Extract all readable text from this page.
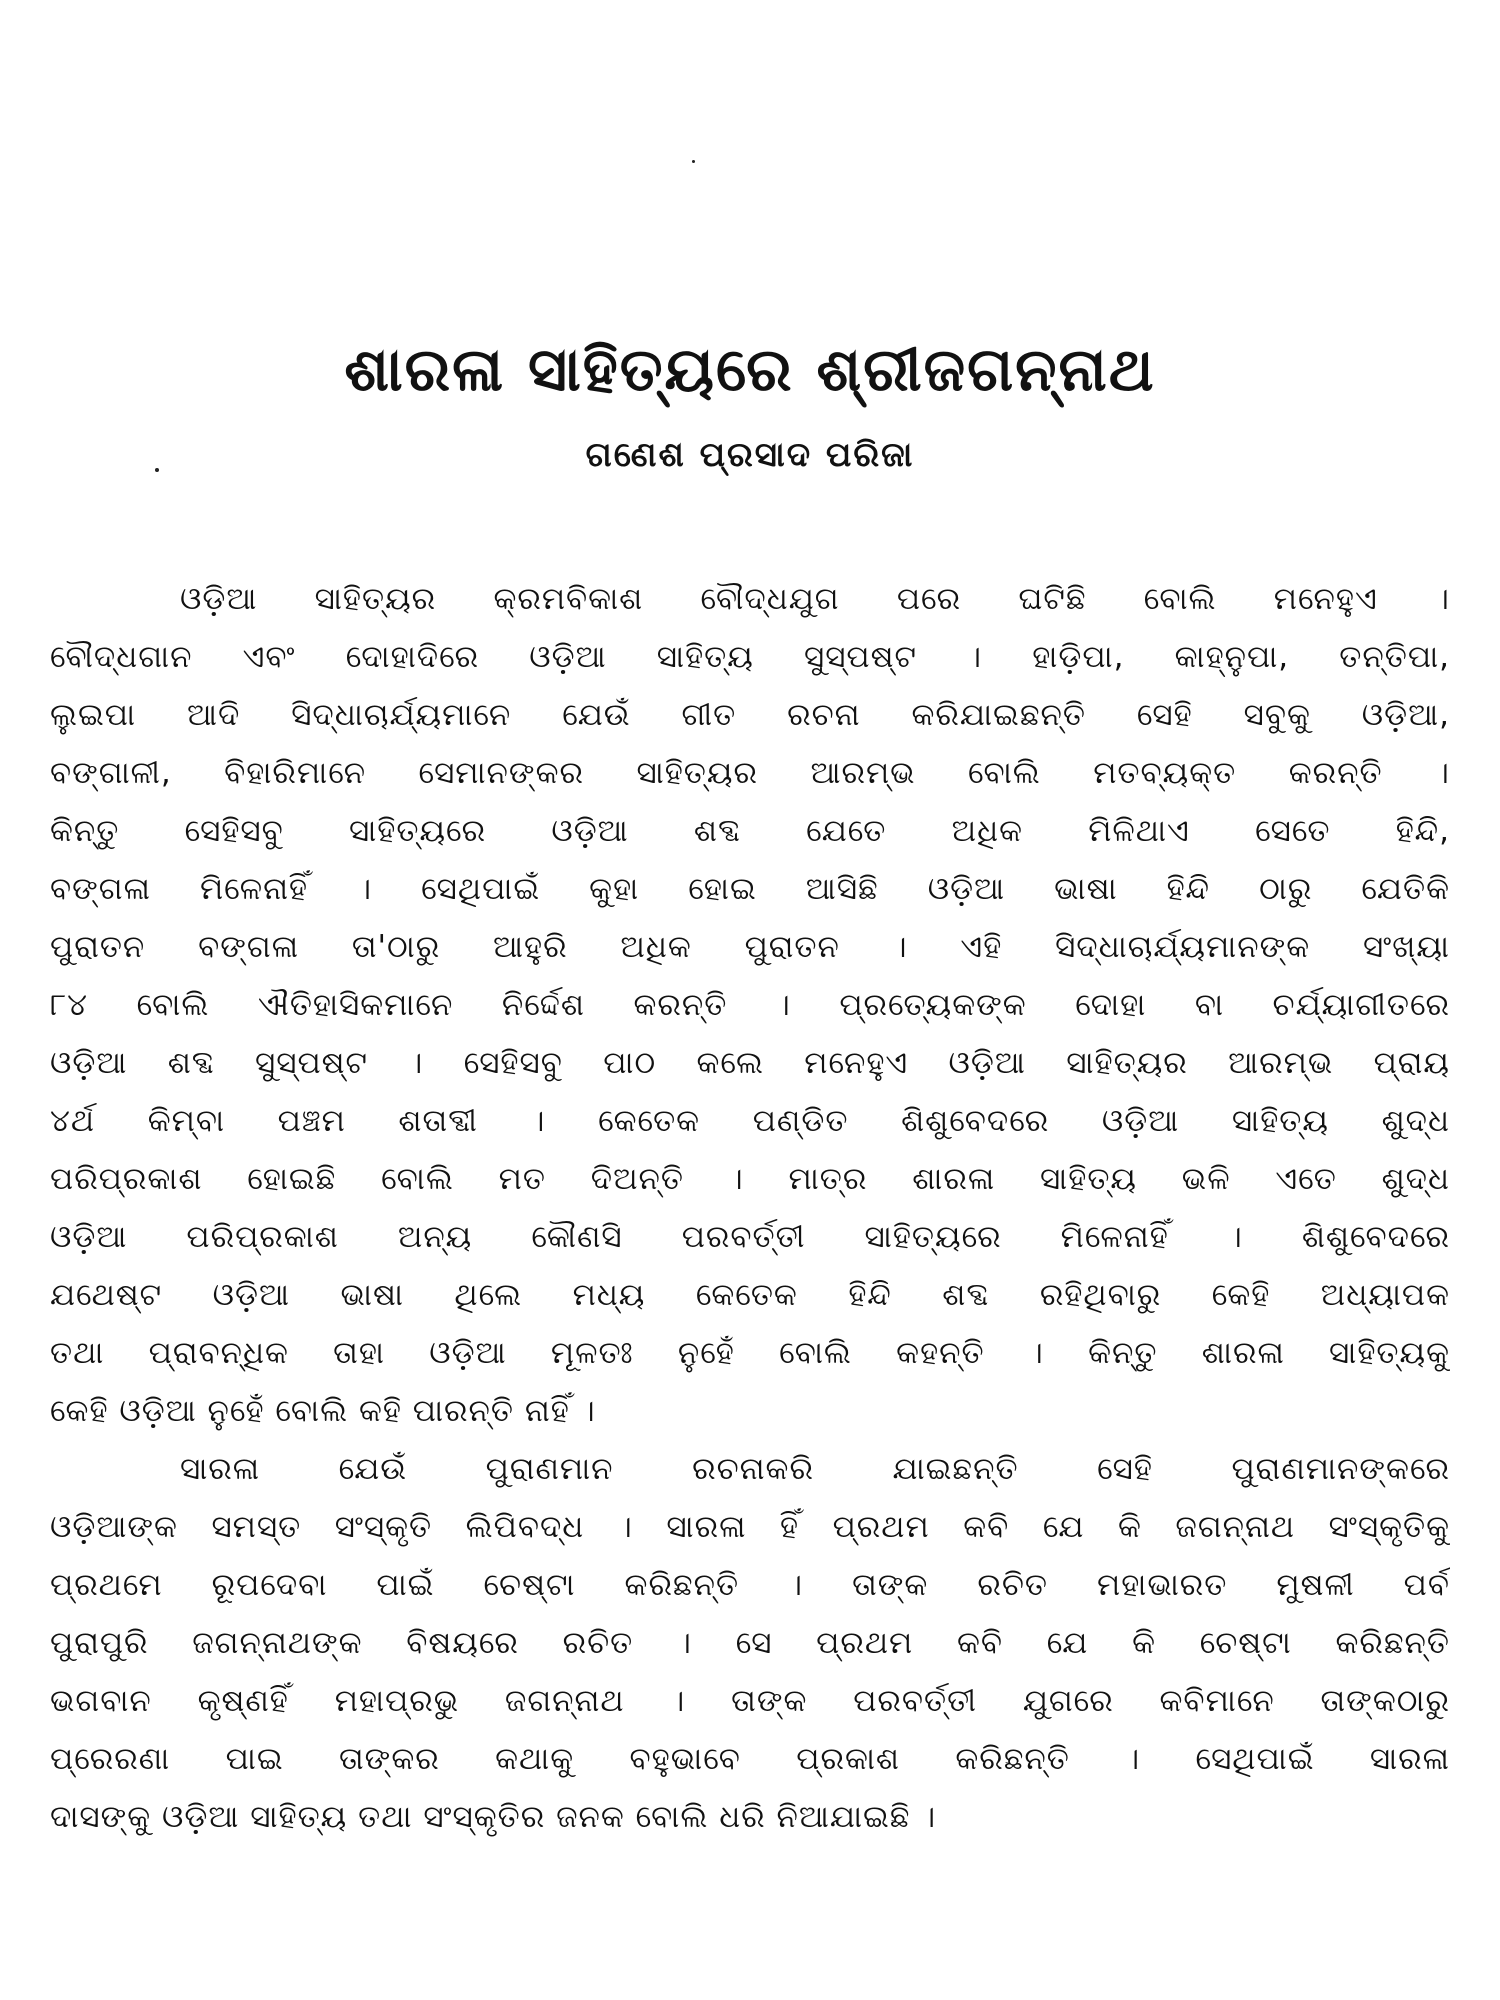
ଶାରଳା ସାହିତ୍ୟରେ ଶ୍ରୀଜଗନ୍ନାଥ
ଗଣେଶ ପ୍ରସାଦ ପରିଜା
ଓଡ଼ିଆ ସାହିତ୍ୟର କ୍ରମବିକାଶ ବୌଦ୍ଧଯୁଗ ପରେ ଘଟିଛି ବୋଲି ମନେହୁଏ ।
ବୌଦ୍ଧଗାନ ଏବଂ ଦୋହାଦିରେ ଓଡ଼ିଆ ସାହିତ୍ୟ ସୁସ୍ପଷ୍ଟ । ହାଡ଼ିପା, କାହ୍ନୁପା, ତନ୍ତିପା,
ଲୁଇପା ଆଦି ସିଦ୍ଧାଚାର୍ଯ୍ୟମାନେ ଯେଉଁ ଗୀତ ରଚନା କରିଯାଇଛନ୍ତି ସେହି ସବୁକୁ ଓଡ଼ିଆ,
ବଙ୍ଗାଳୀ, ବିହାରିମାନେ ସେମାନଙ୍କର ସାହିତ୍ୟର ଆରମ୍ଭ ବୋଲି ମତବ୍ୟକ୍ତ କରନ୍ତି ।
କିନ୍ତୁ ସେହିସବୁ ସାହିତ୍ୟରେ ଓଡ଼ିଆ ଶବ୍ଦ ଯେତେ ଅଧିକ ମିଳିଥାଏ ସେତେ ହିନ୍ଦି,
ବଙ୍ଗଳା ମିଳେନାହିଁ । ସେଥିପାଇଁ କୁହା ହୋଇ ଆସିଛି ଓଡ଼ିଆ ଭାଷା ହିନ୍ଦି ଠାରୁ ଯେତିକି
ପୁରାତନ ବଙ୍ଗଳା ତା'ଠାରୁ ଆହୁରି ଅଧିକ ପୁରାତନ । ଏହି ସିଦ୍ଧାଚାର୍ଯ୍ୟମାନଙ୍କ ସଂଖ୍ୟା
୮୪ ବୋଲି ଐତିହାସିକମାନେ ନିର୍ଦ୍ଦେଶ କରନ୍ତି । ପ୍ରତ୍ୟେକଙ୍କ ଦୋହା ବା ଚର୍ଯ୍ୟାଗୀତରେ
ଓଡ଼ିଆ ଶବ୍ଦ ସୁସ୍ପଷ୍ଟ । ସେହିସବୁ ପାଠ କଲେ ମନେହୁଏ ଓଡ଼ିଆ ସାହିତ୍ୟର ଆରମ୍ଭ ପ୍ରାୟ
୪ର୍ଥ କିମ୍ବା ପଞ୍ଚମ ଶତାବ୍ଦୀ । କେତେକ ପଣ୍ଡିତ ଶିଶୁବେଦରେ ଓଡ଼ିଆ ସାହିତ୍ୟ ଶୁଦ୍ଧ
ପରିପ୍ରକାଶ ହୋଇଛି ବୋଲି ମତ ଦିଅନ୍ତି । ମାତ୍ର ଶାରଳା ସାହିତ୍ୟ ଭଳି ଏତେ ଶୁଦ୍ଧ
ଓଡ଼ିଆ ପରିପ୍ରକାଶ ଅନ୍ୟ କୌଣସି ପରବର୍ତ୍ତୀ ସାହିତ୍ୟରେ ମିଳେନାହିଁ । ଶିଶୁବେଦରେ
ଯଥେଷ୍ଟ ଓଡ଼ିଆ ଭାଷା ଥିଲେ ମଧ୍ୟ କେତେକ ହିନ୍ଦି ଶବ୍ଦ ରହିଥିବାରୁ କେହି ଅଧ୍ୟାପକ
ତଥା ପ୍ରାବନ୍ଧିକ ତାହା ଓଡ଼ିଆ ମୂଳତଃ ନୁହେଁ ବୋଲି କହନ୍ତି । କିନ୍ତୁ ଶାରଳା ସାହିତ୍ୟକୁ
କେହି ଓଡ଼ିଆ ନୁହେଁ ବୋଲି କହି ପାରନ୍ତି ନାହିଁ ।
ସାରଳା ଯେଉଁ ପୁରାଣମାନ ରଚନାକରି ଯାଇଛନ୍ତି ସେହି ପୁରାଣମାନଙ୍କରେ
ଓଡ଼ିଆଙ୍କ ସମସ୍ତ ସଂସ୍କୃତି ଲିପିବଦ୍ଧ । ସାରଳା ହିଁ ପ୍ରଥମ କବି ଯେ କି ଜଗନ୍ନାଥ ସଂସ୍କୃତିକୁ
ପ୍ରଥମେ ରୂପଦେବା ପାଇଁ ଚେଷ୍ଟା କରିଛନ୍ତି । ତାଙ୍କ ରଚିତ ମହାଭାରତ ମୁଷଳୀ ପର୍ବ
ପୁରାପୁରି ଜଗନ୍ନାଥଙ୍କ ବିଷୟରେ ରଚିତ । ସେ ପ୍ରଥମ କବି ଯେ କି ଚେଷ୍ଟା କରିଛନ୍ତି
ଭଗବାନ କୃଷ୍ଣହିଁ ମହାପ୍ରଭୁ ଜଗନ୍ନାଥ । ତାଙ୍କ ପରବର୍ତ୍ତୀ ଯୁଗରେ କବିମାନେ ତାଙ୍କଠାରୁ
ପ୍ରେରଣା ପାଇ ତାଙ୍କର କଥାକୁ ବହୁଭାବେ ପ୍ରକାଶ କରିଛନ୍ତି । ସେଥିପାଇଁ ସାରଳା
ଦାସଙ୍କୁ ଓଡ଼ିଆ ସାହିତ୍ୟ ତଥା ସଂସ୍କୃତିର ଜନକ ବୋଲି ଧରି ନିଆଯାଇଛି ।
